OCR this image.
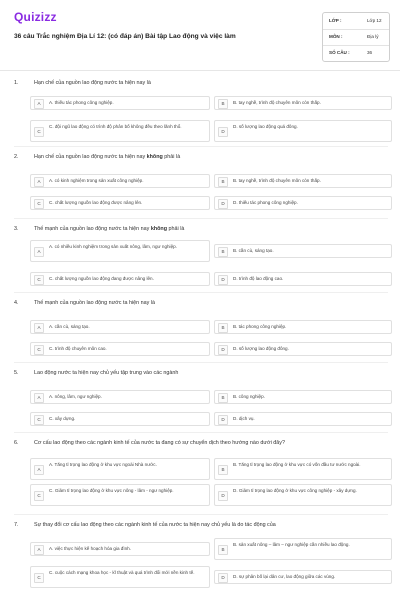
Quizizz
36 câu Trắc nghiệm Địa Lí 12: (có đáp án) Bài tập Lao động và việc làm
LỚP :	Lớp 12
MÔN :	Địa lý
SỐ CÂU :	36
1.	Hạn chế của nguồn lao động nước ta hiện nay là
A	A. thiếu tác phong công nghiệp.	B	B. tay nghề, trình độ chuyên môn còn thấp.
C
C. đội ngũ lao động có trình độ phân bố không đều theo lãnh thổ.
D
D. số lượng lao động quá đông.
2.	Hạn chế của nguồn lao động nước ta hiện nay không phải là
A	A. có kinh nghiệm trong sản xuất công nghiệp.	B	B. tay nghề, trình độ chuyên môn còn thấp.
C	C. chất lượng nguồn lao động được nâng lên.	D	D. thiếu tác phong công nghiệp.
3.	Thế mạnh của nguồn lao động nước ta hiện nay không phải là
A
A. có nhiều kinh nghiệm trong sản xuất nông, lâm, ngư nghiệp.
B	B. cần cù, sáng tạo.
C	C. chất lượng nguồn lao động đang được nâng lên.	D	D. trình độ lao động cao.
4.	Thế mạnh của nguồn lao động nước ta hiện nay là
A	A. cần cù, sáng tạo.	B	B. tác phong công nghiệp.
C	C. trình độ chuyên môn cao.	D	D. số lượng lao động đông.
5.	Lao động nước ta hiện nay chủ yếu tập trung vào các ngành
A	A. nông, lâm, ngư nghiệp.	B	B. công nghiệp.
C	C. xây dựng.	D	D. dịch vụ.
6.	Cơ cấu lao động theo các ngành kinh tế của nước ta đang có sự chuyển dịch theo hướng nào dưới đây?
A
A. Tăng tỉ trọng lao động ở khu vực ngoài Nhà nước.
B
B. Tăng tỉ trọng lao động ở khu vực có vốn đầu tư nước ngoài.
C
C. Giảm tỉ trọng lao động ở khu vực nông - lâm - ngư nghiệp.
D
D. Giảm tỉ trọng lao động ở khu vực công nghiệp - xây dựng.
7.	Sự thay đổi cơ cấu lao động theo các ngành kinh tế của nước ta hiện nay chủ yếu là do tác động của
A	A. việc thực hiện kế hoạch hóa gia đình.	B
B. sản xuất nông – lâm – ngư nghiệp cần nhiều lao động.
C
C. cuộc cách mạng khoa học - kĩ thuật và quá trình đổi mới nền kinh tế.
D	D. sự phân bố lại dân cư, lao động giữa các vùng.
